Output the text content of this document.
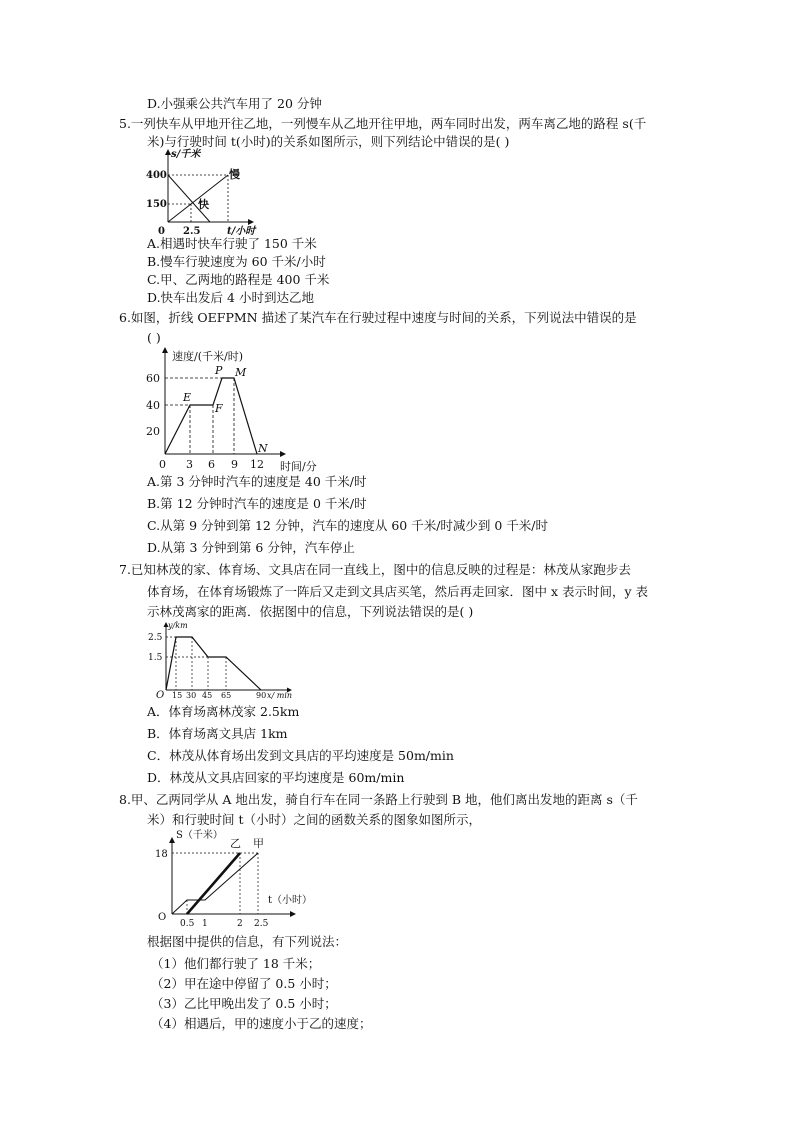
D.小强乘公共汽车用了 20 分钟
5.一列快车从甲地开往乙地，一列慢车从乙地开往甲地，两车同时出发，两车离乙地的路程 s(千
米)与行驶时间 t(小时)的关系如图所示，则下列结论中错误的是( )
s/千米
t/小时
400
150
0 2.5
慢
快
A.相遇时快车行驶了 150 千米
B.慢车行驶速度为 60 千米/小时
C.甲、乙两地的路程是 400 千米
D.快车出发后 4 小时到达乙地
6.如图，折线 OEFPMN 描述了某汽车在行驶过程中速度与时间的关系，下列说法中错误的是
( )
速度/(千米/时)
时间/分
60
40
20
0 3 6 9 12
E
F
P M
N
A.第 3 分钟时汽车的速度是 40 千米/时
B.第 12 分钟时汽车的速度是 0 千米/时
C.从第 9 分钟到第 12 分钟，汽车的速度从 60 千米/时减少到 0 千米/时
D.从第 3 分钟到第 6 分钟，汽车停止
7.已知林茂的家、体育场、文具店在同一直线上，图中的信息反映的过程是：林茂从家跑步去
体育场，在体育场锻炼了一阵后又走到文具店买笔，然后再走回家．图中 x 表示时间，y 表
示林茂离家的距离．依据图中的信息，下列说法错误的是( )
y/km
x/ min
2.5
1.5
O 15 30 45 65	90
A．体育场离林茂家 2.5km
B．体育场离文具店 1km
C．林茂从体育场出发到文具店的平均速度是 50m/min
D．林茂从文具店回家的平均速度是 60m/min
8.甲、乙两同学从 A 地出发，骑自行车在同一条路上行驶到 B 地，他们离出发地的距离 s（千
米）和行驶时间 t（小时）之间的函数关系的图象如图所示，
S（千米）
t（小时）
18
O
0.5 1	2 2.5
乙 甲
根据图中提供的信息，有下列说法：
（1）他们都行驶了 18 千米；
（2）甲在途中停留了 0.5 小时；
（3）乙比甲晚出发了 0.5 小时；
（4）相遇后，甲的速度小于乙的速度；
